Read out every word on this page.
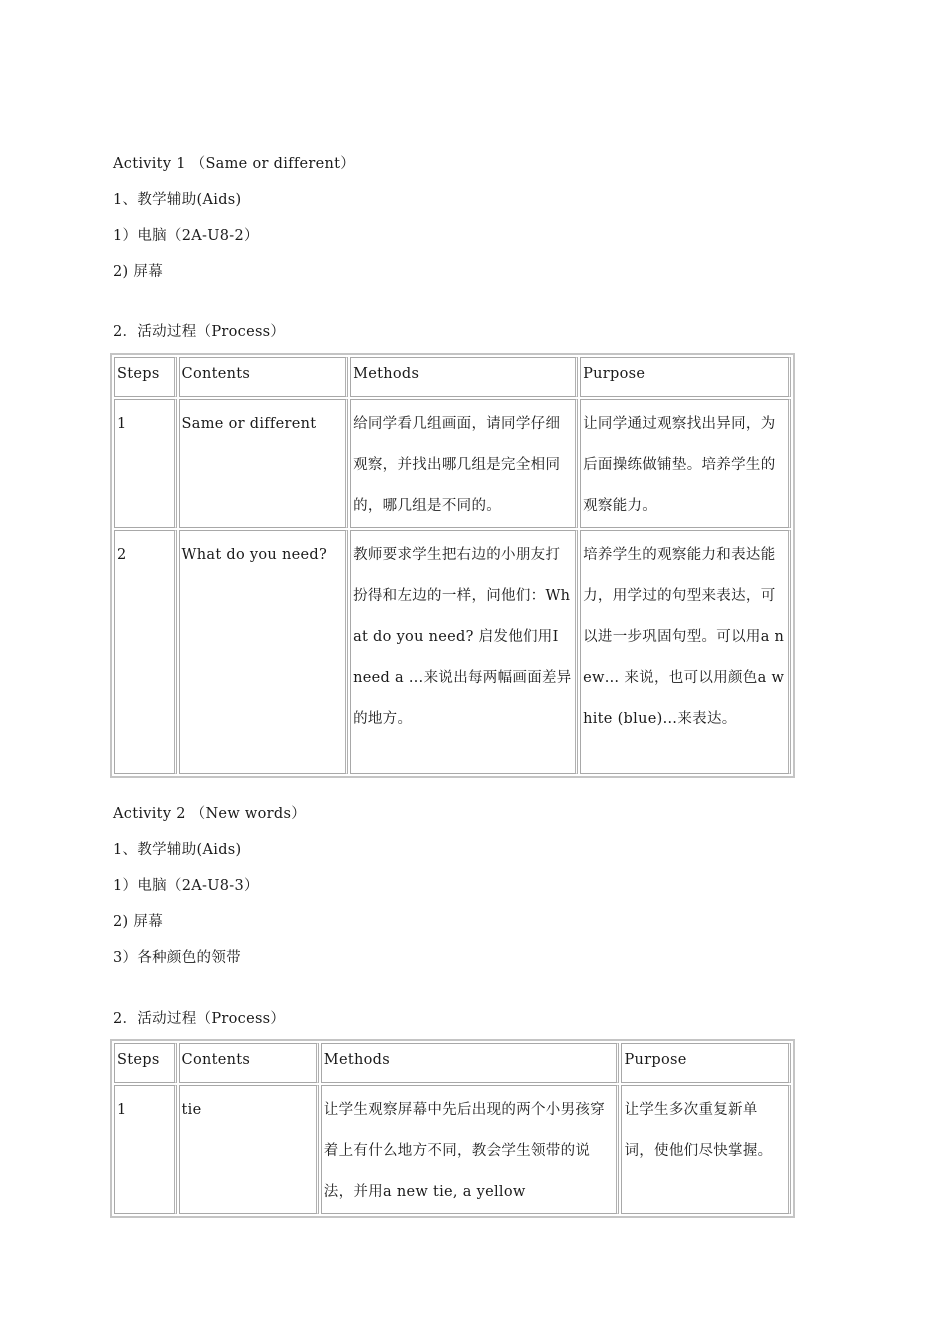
Activity 1 （Same or different）
1、教学辅助(Aids)
1）电脑（2A-U8-2）
2) 屏幕
2．活动过程（Process）
Steps	Contents	Methods	Purpose

1	Same or different	给同学看几组画面，请同学仔细观察，并找出哪几组是完全相同的，哪几组是不同的。	让同学通过观察找出异同，为后面操练做铺垫。培养学生的观察能力。

2	What do you need?	教师要求学生把右边的小朋友打扮得和左边的一样，问他们：What do you need? 启发他们用I need a …来说出每两幅画面差异的地方。	培养学生的观察能力和表达能力，用学过的句型来表达，可以进一步巩固句型。可以用a new… 来说，也可以用颜色a white (blue)…来表达。
Activity 2 （New words）
1、教学辅助(Aids)
1）电脑（2A-U8-3）
2) 屏幕
3）各种颜色的领带
2．活动过程（Process）
Steps	Contents	Methods	Purpose

1	tie	让学生观察屏幕中先后出现的两个小男孩穿着上有什么地方不同，教会学生领带的说法，并用a new tie, a yellow	让学生多次重复新单词，使他们尽快掌握。
